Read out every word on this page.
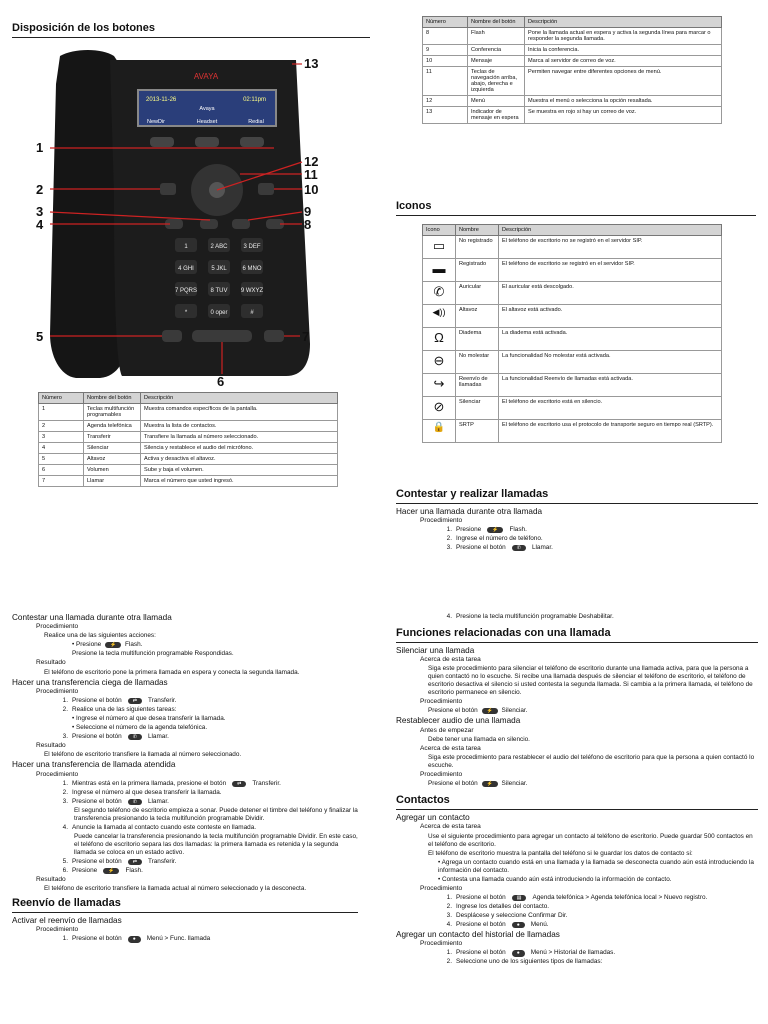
Disposición de los botones
AVAYA
2013-11-26	02:11pm
Avaya
NewDir	Headset	Redial
1	2 ABC	3 DEF
4 GHI	5 JKL	6 MNO
7 PQRS 8 TUV 9 WXYZ
*	0 oper	#
1
2
3
4
5
6
7
8
9
10
11
12
13
Número	Nombre del botón	Descripción
1	Teclas multifunción programables	Muestra comandos específicos de la pantalla.
2	Agenda telefónica	Muestra la lista de contactos.
3	Transferir	Transfiere la llamada al número seleccionado.
4	Silenciar	Silencia y restablece el audio del micrófono.
5	Altavoz	Activa y desactiva el altavoz.
6	Volumen	Sube y baja el volumen.
7	Llamar	Marca el número que usted ingresó.
Contestar una llamada durante otra llamada
Procedimiento
Realice una de las siguientes acciones:
• Presione ⚡ Flash.
Presione la tecla multifunción programable Respondidas.
Resultado
El teléfono de escritorio pone la primera llamada en espera y conecta la segunda llamada.
Hacer una transferencia ciega de llamadas
Procedimiento
1. Presione el botón	⇄	Transferir.
2. Realice una de las siguientes tareas:
• Ingrese el número al que desea transferir la llamada.
• Seleccione el número de la agenda telefónica.
3. Presione el botón	✆	Llamar.
Resultado
El teléfono de escritorio transfiere la llamada al número seleccionado.
Hacer una transferencia de llamada atendida
Procedimiento
1. Mientras está en la primera llamada, presione el botón	⇄	Transferir.
2. Ingrese el número al que desea transferir la llamada.
3. Presione el botón	✆	Llamar.
El segundo teléfono de escritorio empieza a sonar. Puede detener el timbre del teléfono y finalizar la transferencia presionando la tecla multifunción programable Dividir.
4. Anuncie la llamada al contacto cuando este conteste en llamada.
Puede cancelar la transferencia presionando la tecla multifunción programable Dividir. En este caso, el teléfono de escritorio separa las dos llamadas: la primera llamada es retenida y la segunda llamada se coloca en un estado activo.
5. Presione el botón	⇄	Transferir.
6. Presione	⚡	Flash.
Resultado
El teléfono de escritorio transfiere la llamada actual al número seleccionado y la desconecta.
Reenvío de llamadas
Activar el reenvío de llamadas
Procedimiento
1. Presione el botón	●	Menú > Func. llamada
Número	Nombre del botón	Descripción
8	Flash	Pone la llamada actual en espera y activa la segunda línea para marcar o responder la segunda llamada.
9	Conferencia	Inicia la conferencia.
10	Mensaje	Marca al servidor de correo de voz.
11	Teclas de navegación arriba, abajo, derecha e izquierda	Permiten navegar entre diferentes opciones de menú.
12	Menú	Muestra el menú o selecciona la opción resaltada.
13	Indicador de mensaje en espera	Se muestra en rojo si hay un correo de voz.
Iconos
Icono	Nombre	Descripción
▭	No registrado	El teléfono de escritorio no se registró en el servidor SIP.
▬	Registrado	El teléfono de escritorio se registró en el servidor SIP.
✆	Auricular	El auricular está descolgado.
◀))	Altavoz	El altavoz está activado.
Ω	Diadema	La diadema está activada.
⊖	No molestar	La funcionalidad No molestar está activada.
↪	Reenvío de llamadas	La funcionalidad Reenvío de llamadas está activada.
⊘	Silenciar	El teléfono de escritorio está en silencio.
🔒	SRTP	El teléfono de escritorio usa el protocolo de transporte seguro en tiempo real (SRTP).
Contestar y realizar llamadas
Hacer una llamada durante otra llamada
Procedimiento
1. Presione	⚡	Flash.
2. Ingrese el número de teléfono.
3. Presione el botón	✆	Llamar.
4. Presione la tecla multifunción programable Deshabilitar.
Funciones relacionadas con una llamada
Silenciar una llamada
Acerca de esta tarea
Siga este procedimiento para silenciar el teléfono de escritorio durante una llamada activa, para que la persona a quien contactó no lo escuche. Si recibe una llamada después de silenciar el teléfono de escritorio, el teléfono de escritorio desactiva el silencio si usted contesta la segunda llamada. Si cambia a la primera llamada, el teléfono de escritorio permanece en silencio.
Procedimiento
Presione el botón ⚡ Silenciar.
Restablecer audio de una llamada
Antes de empezar
Debe tener una llamada en silencio.
Acerca de esta tarea
Siga este procedimiento para restablecer el audio del teléfono de escritorio para que la persona a quien contactó lo escuche.
Procedimiento
Presione el botón ⚡ Silenciar.
Contactos
Agregar un contacto
Acerca de esta tarea
Use el siguiente procedimiento para agregar un contacto al teléfono de escritorio. Puede guardar 500 contactos en el teléfono de escritorio.
El teléfono de escritorio muestra la pantalla del teléfono si le guardar los datos de contacto si:
• Agrega un contacto cuando está en una llamada y la llamada se desconecta cuando aún está introduciendo la información del contacto.
• Contesta una llamada cuando aún está introduciendo la información de contacto.
Procedimiento
1. Presione el botón	▤	Agenda telefónica > Agenda telefónica local > Nuevo registro.
2. Ingrese los detalles del contacto.
3. Desplácese y seleccione Confirmar Dir.
4. Presione el botón	●	Menú.
Agregar un contacto del historial de llamadas
Procedimiento
1. Presione el botón	●	Menú > Historial de llamadas.
2. Seleccione uno de los siguientes tipos de llamadas:
